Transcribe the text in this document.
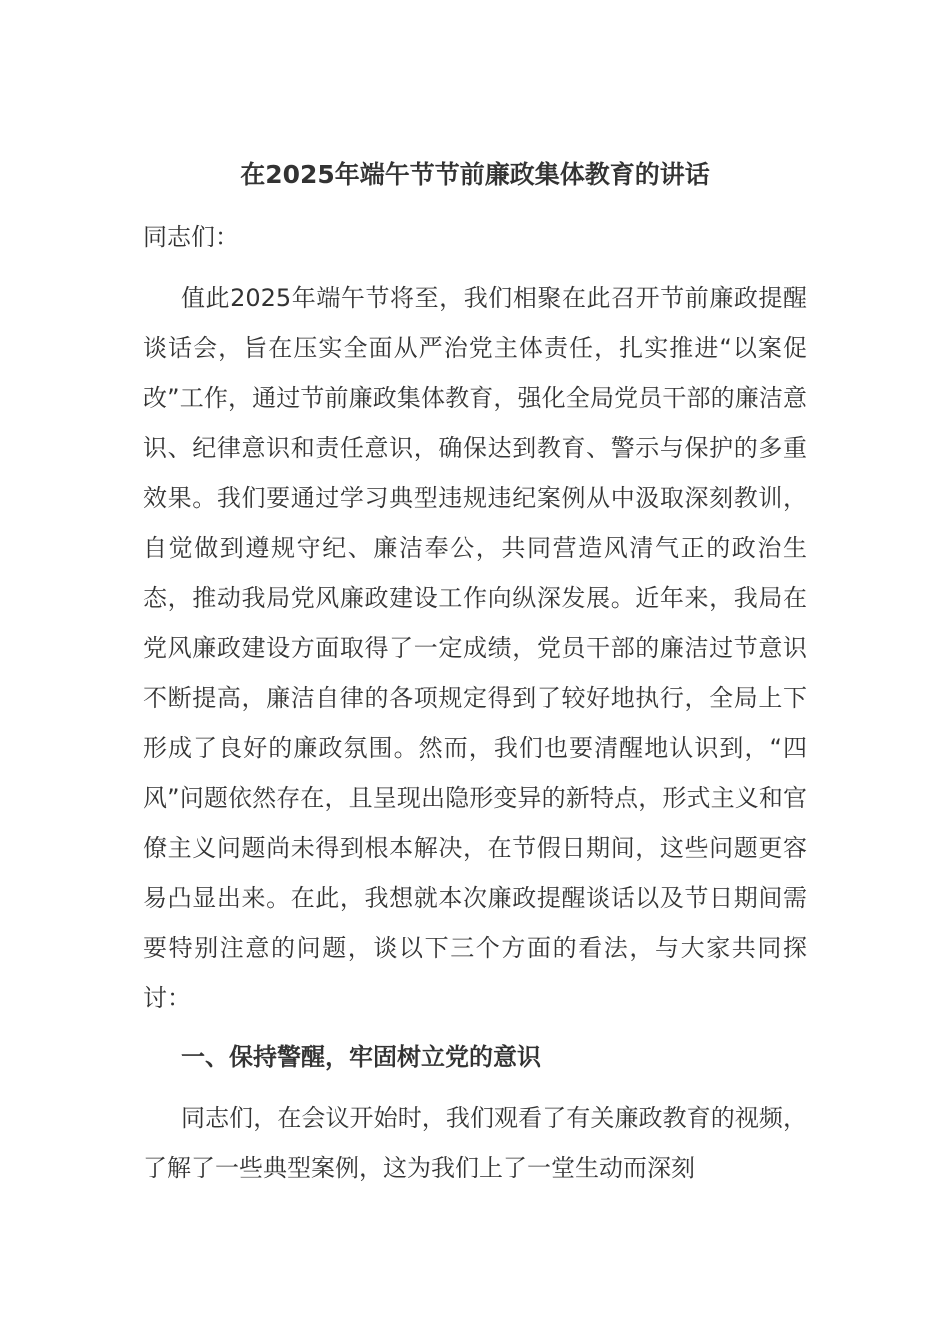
在2025年端午节节前廉政集体教育的讲话

同志们：

值此2025年端午节将至，我们相聚在此召开节前廉政提醒谈话会，旨在压实全面从严治党主体责任，扎实推进“以案促改”工作，通过节前廉政集体教育，强化全局党员干部的廉洁意识、纪律意识和责任意识，确保达到教育、警示与保护的多重效果。我们要通过学习典型违规违纪案例从中汲取深刻教训，自觉做到遵规守纪、廉洁奉公，共同营造风清气正的政治生态，推动我局党风廉政建设工作向纵深发展。近年来，我局在党风廉政建设方面取得了一定成绩，党员干部的廉洁过节意识不断提高，廉洁自律的各项规定得到了较好地执行，全局上下形成了良好的廉政氛围。然而，我们也要清醒地认识到，“四风”问题依然存在，且呈现出隐形变异的新特点，形式主义和官僚主义问题尚未得到根本解决，在节假日期间，这些问题更容易凸显出来。在此，我想就本次廉政提醒谈话以及节日期间需要特别注意的问题，谈以下三个方面的看法，与大家共同探讨：

一、保持警醒，牢固树立党的意识

同志们，在会议开始时，我们观看了有关廉政教育的视频，了解了一些典型案例，这为我们上了一堂生动而深刻
